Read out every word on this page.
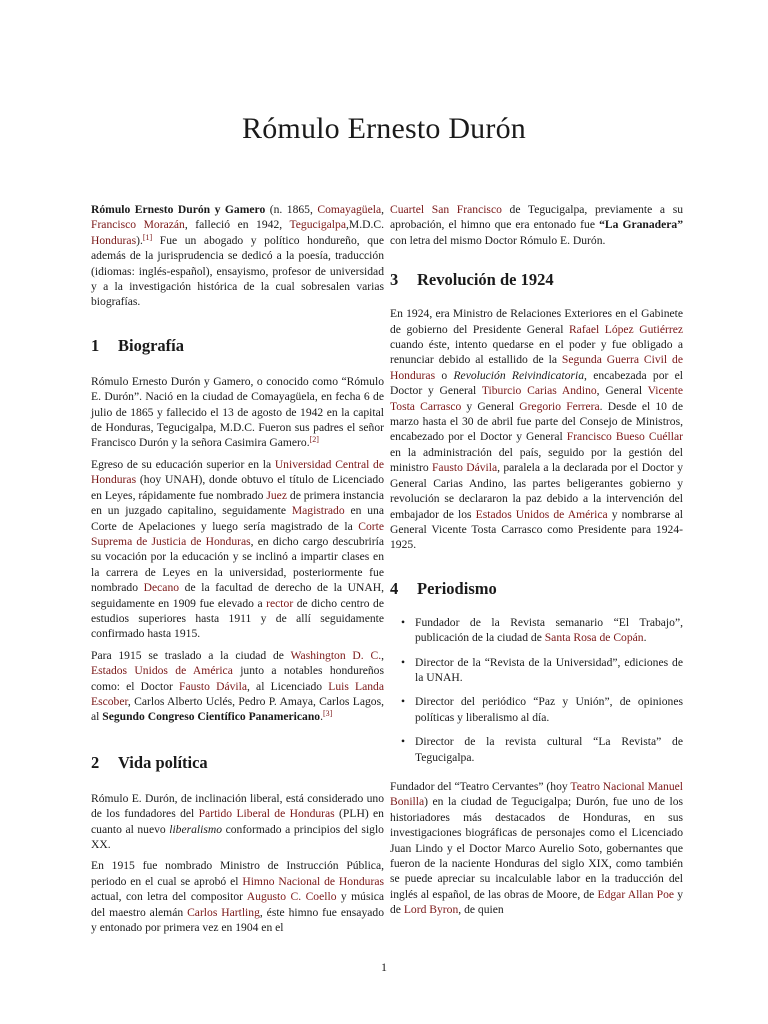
Rómulo Ernesto Durón

Rómulo Ernesto Durón y Gamero (n. 1865, Comayagüela, Francisco Morazán, falleció en 1942, Tegucigalpa,M.D.C. Honduras).[1] Fue un abogado y político hondureño, que además de la jurisprudencia se dedicó a la poesía, traducción (idiomas: inglés-español), ensayismo, profesor de universidad y a la investigación histórica de la cual sobresalen varias biografías.

1 Biografía

Rómulo Ernesto Durón y Gamero, o conocido como “Rómulo E. Durón”. Nació en la ciudad de Comayagüela, en fecha 6 de julio de 1865 y fallecido el 13 de agosto de 1942 en la capital de Honduras, Tegucigalpa, M.D.C. Fueron sus padres el señor Francisco Durón y la señora Casimira Gamero.[2]

Egreso de su educación superior en la Universidad Central de Honduras (hoy UNAH), donde obtuvo el título de Licenciado en Leyes, rápidamente fue nombrado Juez de primera instancia en un juzgado capitalino, seguidamente Magistrado en una Corte de Apelaciones y luego sería magistrado de la Corte Suprema de Justicia de Honduras, en dicho cargo descubriría su vocación por la educación y se inclinó a impartir clases en la carrera de Leyes en la universidad, posteriormente fue nombrado Decano de la facultad de derecho de la UNAH, seguidamente en 1909 fue elevado a rector de dicho centro de estudios superiores hasta 1911 y de allí seguidamente confirmado hasta 1915.

Para 1915 se traslado a la ciudad de Washington D. C., Estados Unidos de América junto a notables hondureños como: el Doctor Fausto Dávila, al Licenciado Luis Landa Escober, Carlos Alberto Uclés, Pedro P. Amaya, Carlos Lagos, al Segundo Congreso Científico Panamericano.[3]

2 Vida política

Rómulo E. Durón, de inclinación liberal, está considerado uno de los fundadores del Partido Liberal de Honduras (PLH) en cuanto al nuevo liberalismo conformado a principios del siglo XX.

En 1915 fue nombrado Ministro de Instrucción Pública, periodo en el cual se aprobó el Himno Nacional de Honduras actual, con letra del compositor Augusto C. Coello y música del maestro alemán Carlos Hartling, éste himno fue ensayado y entonado por primera vez en 1904 en el

Cuartel San Francisco de Tegucigalpa, previamente a su aprobación, el himno que era entonado fue “La Granadera” con letra del mismo Doctor Rómulo E. Durón.

3 Revolución de 1924

En 1924, era Ministro de Relaciones Exteriores en el Gabinete de gobierno del Presidente General Rafael López Gutiérrez cuando éste, intento quedarse en el poder y fue obligado a renunciar debido al estallido de la Segunda Guerra Civil de Honduras o Revolución Reivindicatoria, encabezada por el Doctor y General Tiburcio Carias Andino, General Vicente Tosta Carrasco y General Gregorio Ferrera. Desde el 10 de marzo hasta el 30 de abril fue parte del Consejo de Ministros, encabezado por el Doctor y General Francisco Bueso Cuéllar en la administración del país, seguido por la gestión del ministro Fausto Dávila, paralela a la declarada por el Doctor y General Carias Andino, las partes beligerantes gobierno y revolución se declararon la paz debido a la intervención del embajador de los Estados Unidos de América y nombrarse al General Vicente Tosta Carrasco como Presidente para 1924-1925.

4 Periodismo
• Fundador de la Revista semanario “El Trabajo”, publicación de la ciudad de Santa Rosa de Copán.
• Director de la “Revista de la Universidad”, ediciones de la UNAH.
• Director del periódico “Paz y Unión”, de opiniones políticas y liberalismo al día.
• Director de la revista cultural “La Revista” de Tegucigalpa.

Fundador del “Teatro Cervantes” (hoy Teatro Nacional Manuel Bonilla) en la ciudad de Tegucigalpa; Durón, fue uno de los historiadores más destacados de Honduras, en sus investigaciones biográficas de personajes como el Licenciado Juan Lindo y el Doctor Marco Aurelio Soto, gobernantes que fueron de la naciente Honduras del siglo XIX, como también se puede apreciar su incalculable labor en la traducción del inglés al español, de las obras de Moore, de Edgar Allan Poe y de Lord Byron, de quien

1
